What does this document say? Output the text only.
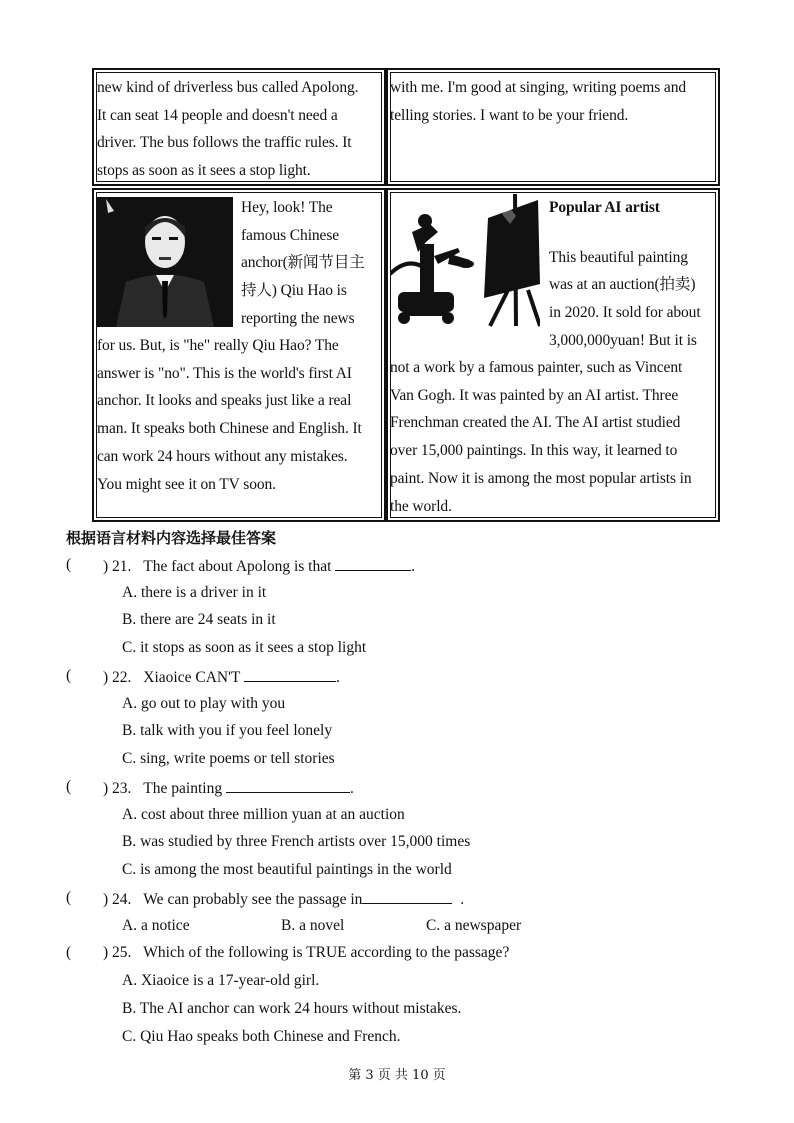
new kind of driverless bus called Apolong.
It can seat 14 people and doesn't need a
driver. The bus follows the traffic rules. It
stops as soon as it sees a stop light.
with me. I'm good at singing, writing poems and
telling stories. I want to be your friend.
Hey, look! The
famous Chinese
anchor(新闻节目主
持人) Qiu Hao is
reporting the news
for us. But, is "he" really Qiu Hao? The
answer is "no". This is the world's first AI
anchor. It looks and speaks just like a real
man. It speaks both Chinese and English. It
can work 24 hours without any mistakes.
You might see it on TV soon.
Popular AI artist
This beautiful painting
was at an auction(拍卖)
in 2020. It sold for about
3,000,000yuan! But it is
not a work by a famous painter, such as Vincent
Van Gogh. It was painted by an AI artist. Three
Frenchman created the AI. The AI artist studied
over 15,000 paintings. In this way, it learned to
paint. Now it is among the most popular artists in
the world.
根据语言材料内容选择最佳答案
( ) 21. The fact about Apolong is that	.
A. there is a driver in it
B. there are 24 seats in it
C. it stops as soon as it sees a stop light
( ) 22. Xiaoice CAN'T	.
A. go out to play with you
B. talk with you if you feel lonely
C. sing, write poems or tell stories
( ) 23. The painting	.
A. cost about three million yuan at an auction
B. was studied by three French artists over 15,000 times
C. is among the most beautiful paintings in the world
( ) 24. We can probably see the passage in	.
A. a notice	B. a novel	C. a newspaper
( ) 25. Which of the following is TRUE according to the passage?
A. Xiaoice is a 17-year-old girl.
B. The AI anchor can work 24 hours without mistakes.
C. Qiu Hao speaks both Chinese and French.
第 3 页 共 10 页
